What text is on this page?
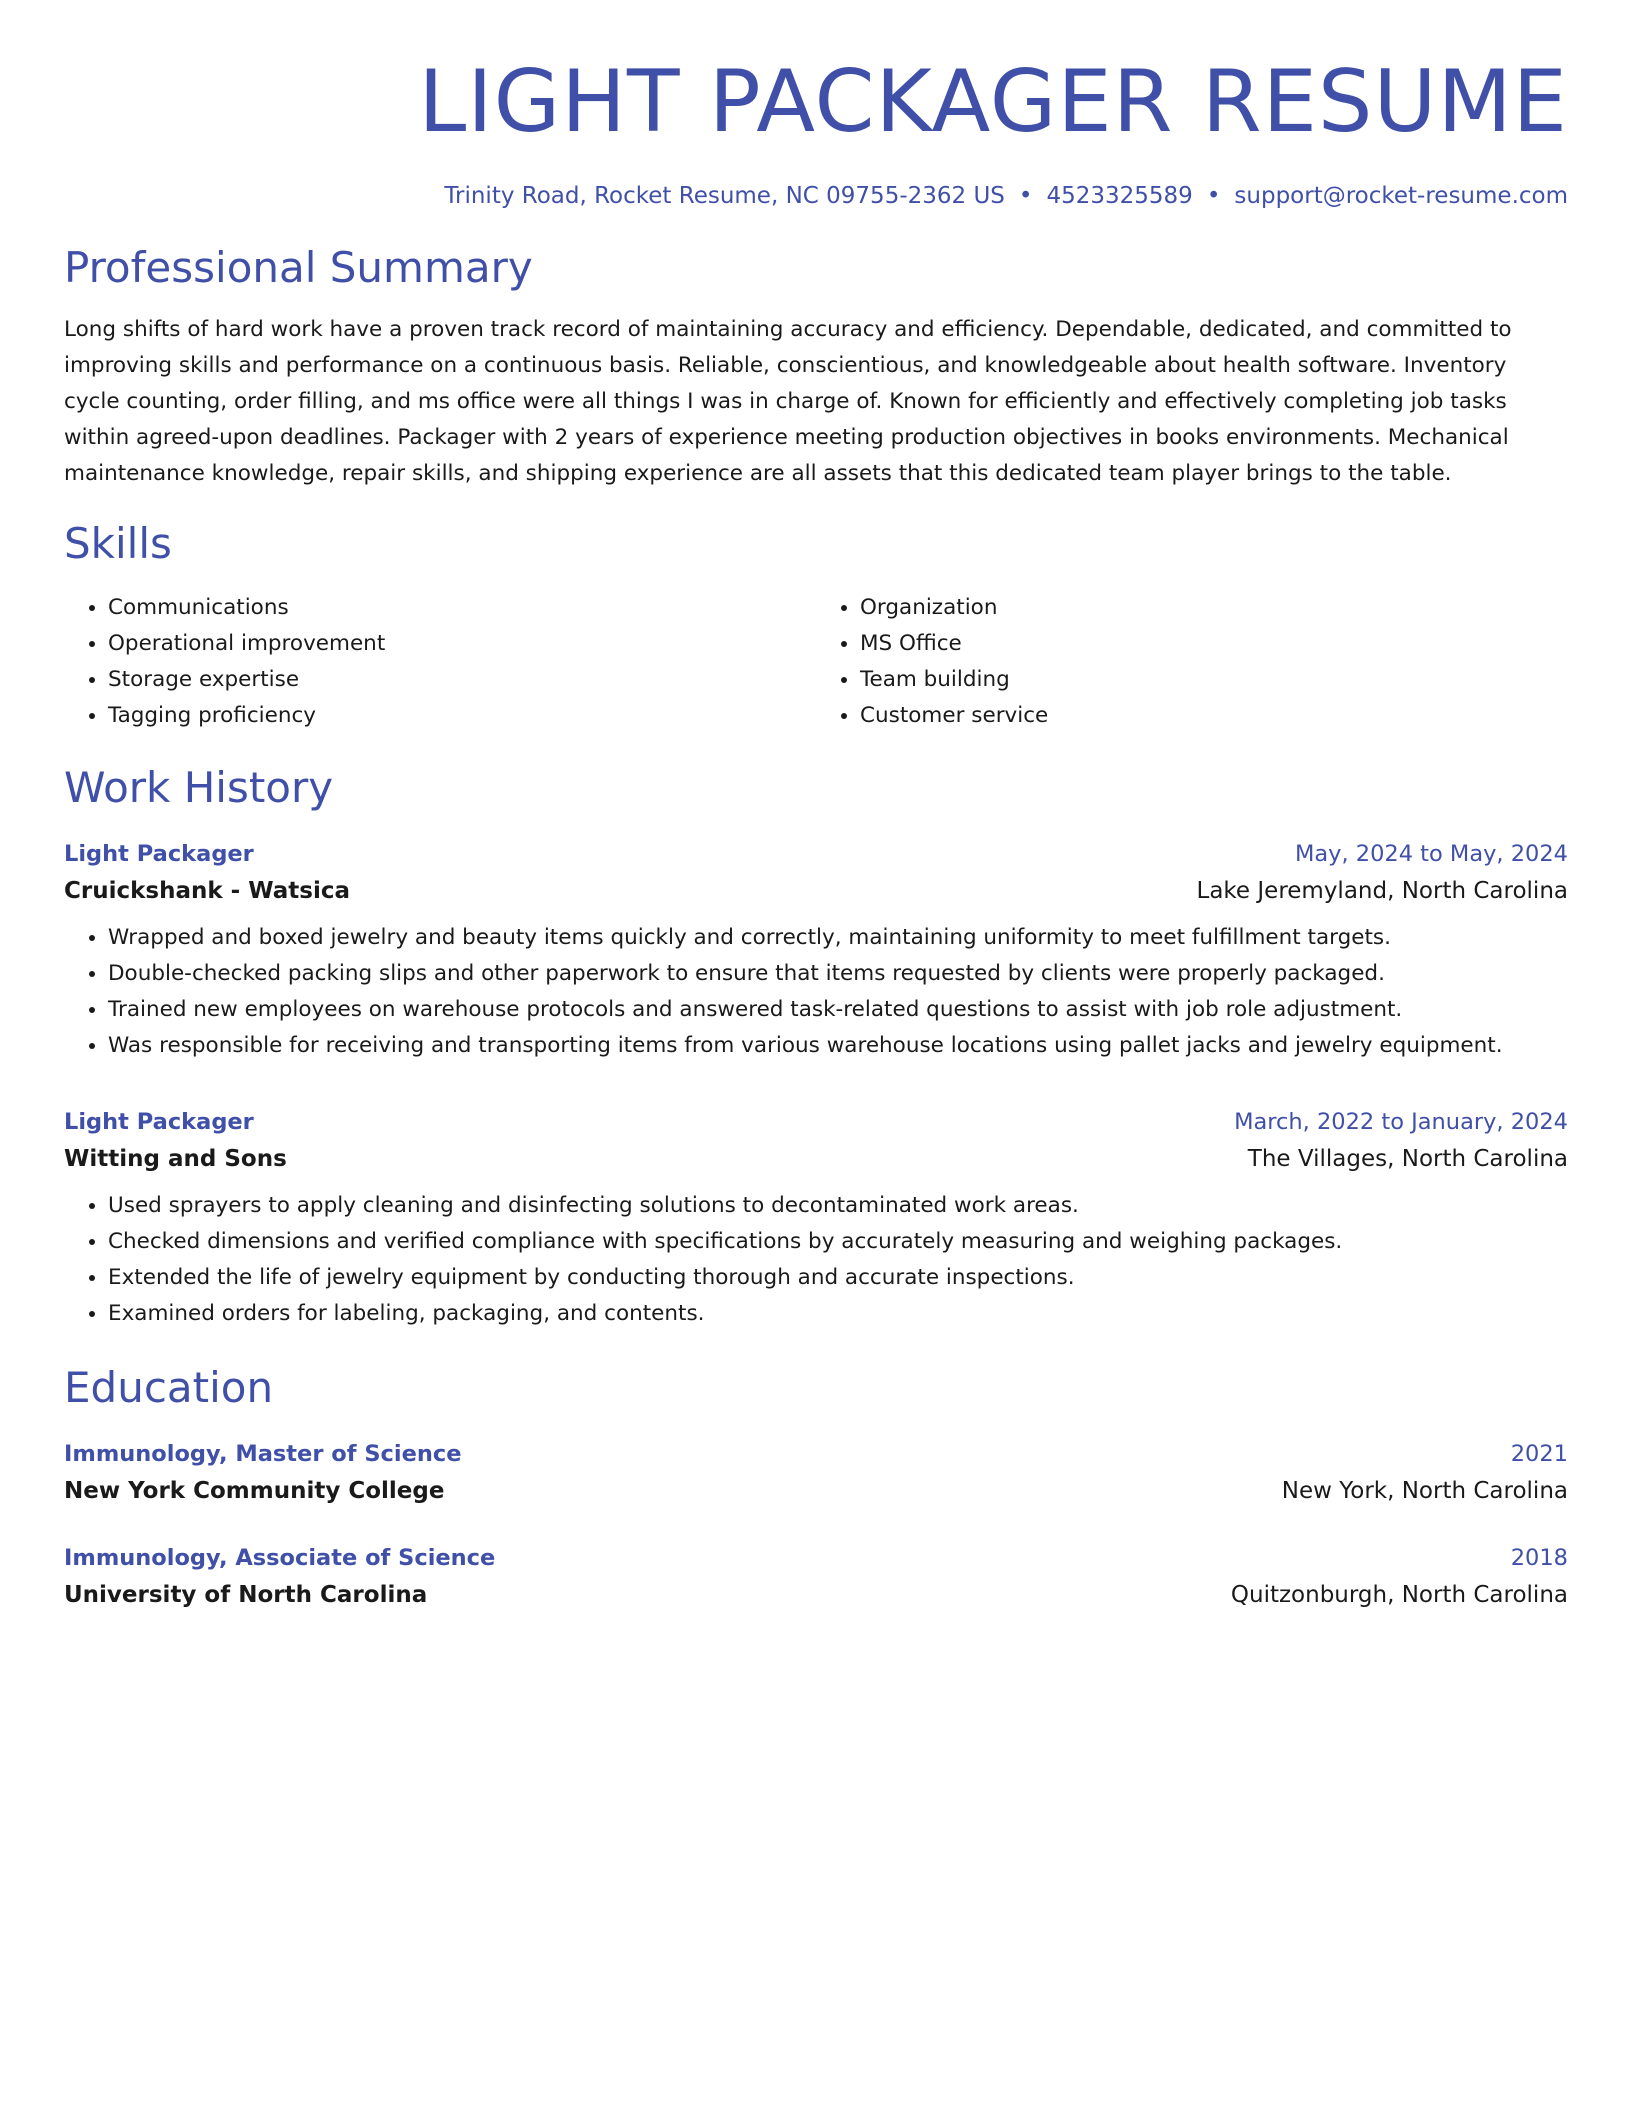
LIGHT PACKAGER RESUME
Trinity Road, Rocket Resume, NC 09755-2362 US • 4523325589 • support@rocket-resume.com
Professional Summary

Long shifts of hard work have a proven track record of maintaining accuracy and efficiency. Dependable, dedicated, and committed to improving skills and performance on a continuous basis. Reliable, conscientious, and knowledgeable about health software. Inventory cycle counting, order filling, and ms office were all things I was in charge of. Known for efficiently and effectively completing job tasks within agreed-upon deadlines. Packager with 2 years of experience meeting production objectives in books environments. Mechanical maintenance knowledge, repair skills, and shipping experience are all assets that this dedicated team player brings to the table.

Skills
• Communications
• Operational improvement
• Storage expertise
• Tagging proficiency
• Organization
• MS Office
• Team building
• Customer service
Work History
Light Packager	May, 2024 to May, 2024
Cruickshank - Watsica	Lake Jeremyland, North Carolina
• Wrapped and boxed jewelry and beauty items quickly and correctly, maintaining uniformity to meet fulfillment targets.
• Double-checked packing slips and other paperwork to ensure that items requested by clients were properly packaged.
• Trained new employees on warehouse protocols and answered task-related questions to assist with job role adjustment.
• Was responsible for receiving and transporting items from various warehouse locations using pallet jacks and jewelry equipment.
Light Packager	March, 2022 to January, 2024
Witting and Sons	The Villages, North Carolina
• Used sprayers to apply cleaning and disinfecting solutions to decontaminated work areas.
• Checked dimensions and verified compliance with specifications by accurately measuring and weighing packages.
• Extended the life of jewelry equipment by conducting thorough and accurate inspections.
• Examined orders for labeling, packaging, and contents.
Education
Immunology, Master of Science	2021
New York Community College	New York, North Carolina
Immunology, Associate of Science	2018
University of North Carolina	Quitzonburgh, North Carolina
